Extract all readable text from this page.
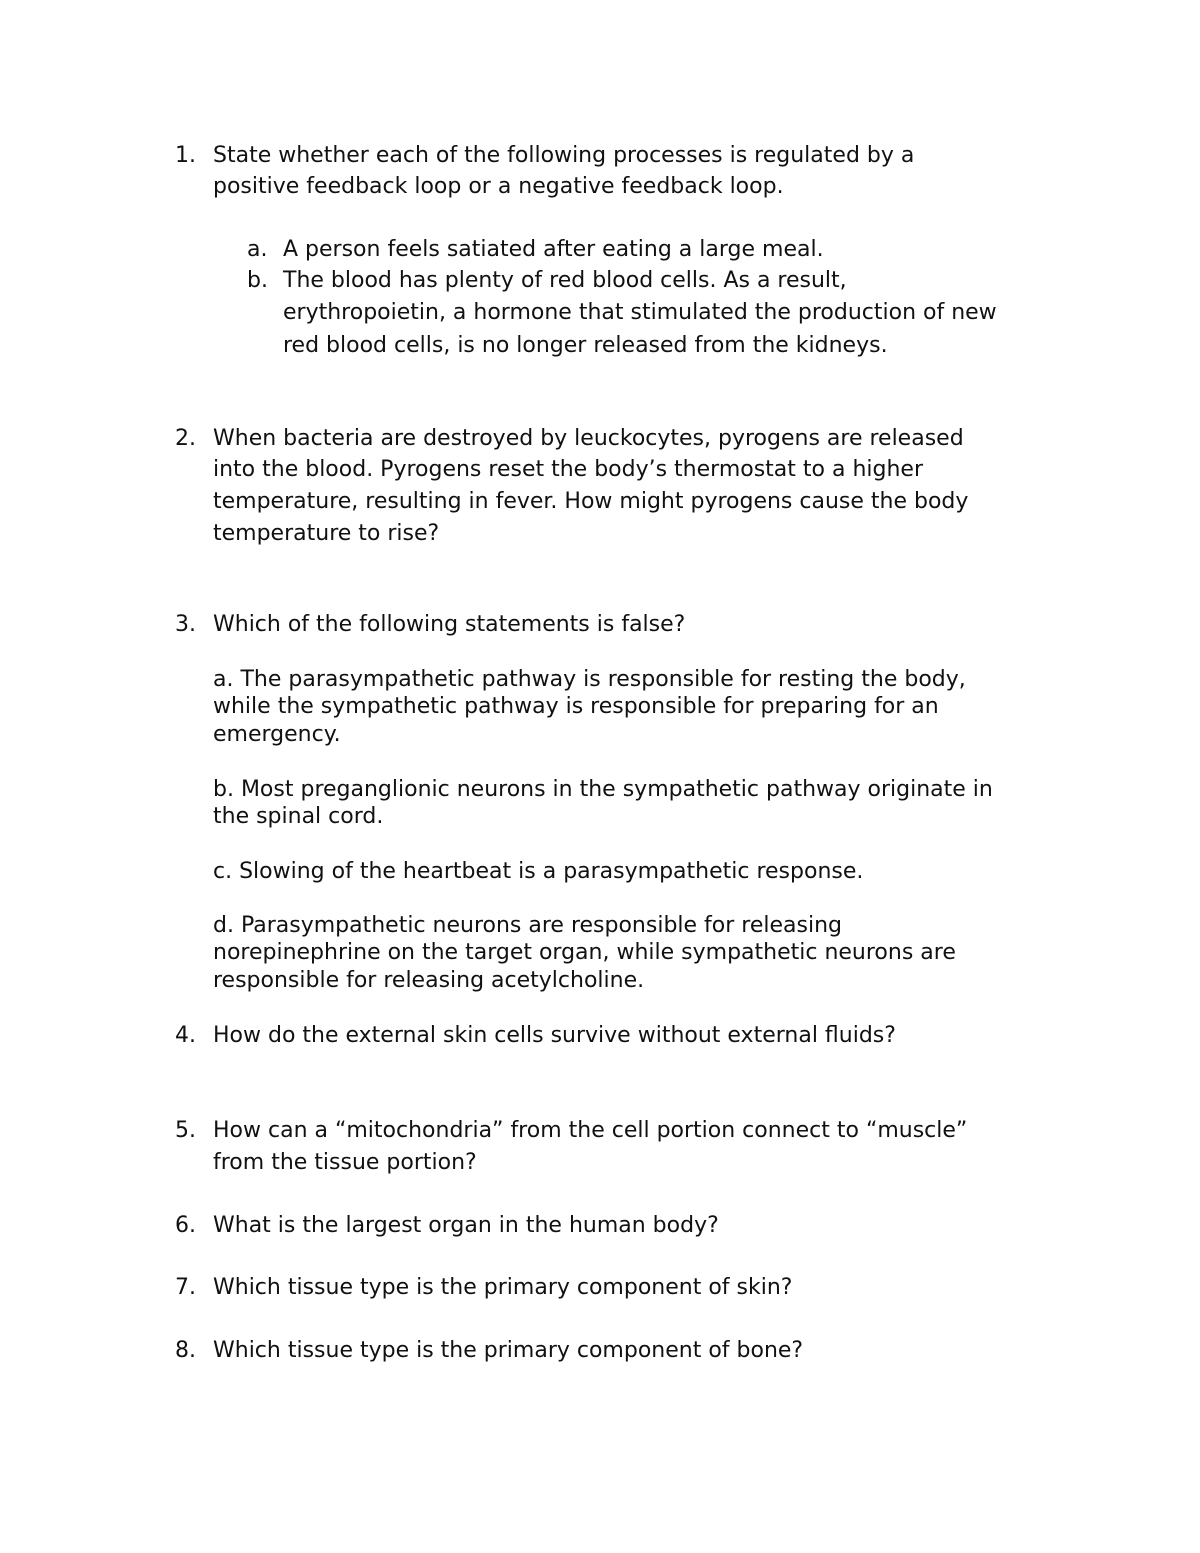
1. State whether each of the following processes is regulated by a
positive feedback loop or a negative feedback loop.
a. A person feels satiated after eating a large meal.
b. The blood has plenty of red blood cells. As a result,
erythropoietin, a hormone that stimulated the production of new
red blood cells, is no longer released from the kidneys.
2. When bacteria are destroyed by leuckocytes, pyrogens are released
into the blood. Pyrogens reset the body’s thermostat to a higher
temperature, resulting in fever. How might pyrogens cause the body
temperature to rise?
3. Which of the following statements is false?
a. The parasympathetic pathway is responsible for resting the body,
while the sympathetic pathway is responsible for preparing for an
emergency.
b. Most preganglionic neurons in the sympathetic pathway originate in
the spinal cord.
c. Slowing of the heartbeat is a parasympathetic response.
d. Parasympathetic neurons are responsible for releasing
norepinephrine on the target organ, while sympathetic neurons are
responsible for releasing acetylcholine.
4. How do the external skin cells survive without external fluids?
5. How can a “mitochondria” from the cell portion connect to “muscle”
from the tissue portion?
6. What is the largest organ in the human body?
7. Which tissue type is the primary component of skin?
8. Which tissue type is the primary component of bone?
